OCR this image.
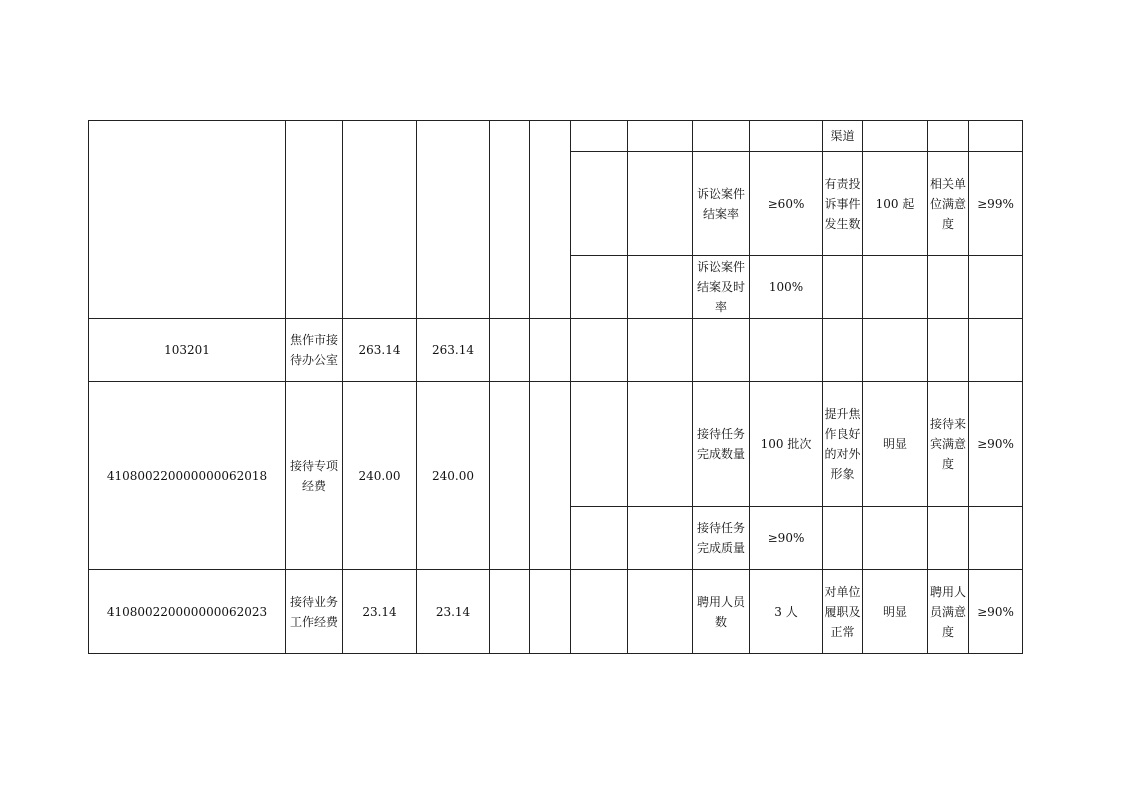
										渠道			
								诉讼案件结案率	≥60%	有责投诉事件发生数	100 起	相关单位满意度	≥99%
								诉讼案件结案及时率	100%				
103201	焦作市接待办公室	263.14	263.14										
410800220000000062018	接待专项经费	240.00	240.00					接待任务完成数量	100 批次	提升焦作良好的对外形象	明显	接待来宾满意度	≥90%
								接待任务完成质量	≥90%				
410800220000000062023	接待业务工作经费	23.14	23.14					聘用人员数	3 人	对单位履职及正常	明显	聘用人员满意度	≥90%
